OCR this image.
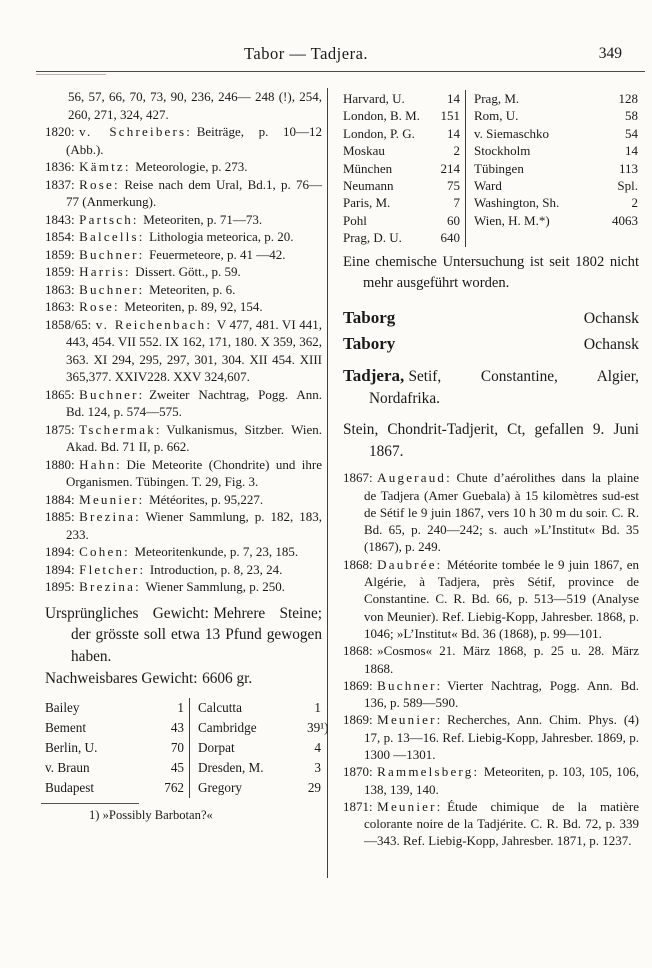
Tabor — Tadjera.	349

56, 57, 66, 70, 73, 90, 236, 246— 248 (!), 254, 260, 271, 324, 427.

1820: v. Schreibers: Beiträge, p. 10—12 (Abb.).

1836: Kämtz: Meteorologie, p. 273.

1837: Rose: Reise nach dem Ural, Bd.1, p. 76—77 (Anmerkung).

1843: Partsch: Meteoriten, p. 71—73.

1854: Balcells: Lithologia meteorica, p. 20.

1859: Buchner: Feuermeteore, p. 41 —42.

1859: Harris: Dissert. Gött., p. 59.

1863: Buchner: Meteoriten, p. 6.

1863: Rose: Meteoriten, p. 89, 92, 154.

1858/65: v. Reichenbach: V 477, 481. VI 441, 443, 454. VII 552. IX 162, 171, 180. X 359, 362, 363. XI 294, 295, 297, 301, 304. XII 454. XIII 365,377. XXIV228. XXV 324,607.

1865: Buchner: Zweiter Nachtrag, Pogg. Ann. Bd. 124, p. 574—575.

1875: Tschermak: Vulkanismus, Sitzber. Wien. Akad. Bd. 71 II, p. 662.

1880: Hahn: Die Meteorite (Chondrite) und ihre Organismen. Tübingen. T. 29, Fig. 3.

1884: Meunier: Météorites, p. 95,227.

1885: Brezina: Wiener Sammlung, p. 182, 183, 233.

1894: Cohen: Meteoritenkunde, p. 7, 23, 185.

1894: Fletcher: Introduction, p. 8, 23, 24.

1895: Brezina: Wiener Sammlung, p. 250.

Ursprüngliches Gewicht: Mehrere Steine; der grösste soll etwa 13 Pfund gewogen haben.

Nachweisbares Gewicht: 6606 gr.

Bailey	1	Calcutta	1
Bement	43	Cambridge	39¹)
Berlin, U.	70	Dorpat	4
v. Braun	45	Dresden, M.	3
Budapest	762	Gregory	29

1) »Possibly Barbotan?«

Harvard, U.	14	Prag, M.	128
London, B. M.	151	Rom, U.	58
London, P. G.	14	v. Siemaschko	54
Moskau	2	Stockholm	14
München	214	Tübingen	113
Neumann	75	Ward	Spl.
Paris, M.	7	Washington, Sh.	2
Pohl	60	Wien, H. M.*)	4063
Prag, D. U.	640

Eine chemische Untersuchung ist seit 1802 nicht mehr ausgeführt worden.

Taborg	Ochansk
Tabory	Ochansk

Tadjera, Setif, Constantine, Algier, Nordafrika.

Stein, Chondrit-Tadjerit, Ct, gefallen 9. Juni 1867.

1867: Augeraud: Chute d’aérolithes dans la plaine de Tadjera (Amer Guebala) à 15 kilomètres sud-est de Sétif le 9 juin 1867, vers 10 h 30 m du soir. C. R. Bd. 65, p. 240—242; s. auch »L’Institut« Bd. 35 (1867), p. 249.

1868: Daubrée: Météorite tombée le 9 juin 1867, en Algérie, à Tadjera, près Sétif, province de Constantine. C. R. Bd. 66, p. 513—519 (Analyse von Meunier). Ref. Liebig-Kopp, Jahresber. 1868, p. 1046; »L’Institut« Bd. 36 (1868), p. 99—101.

1868: »Cosmos« 21. März 1868, p. 25 u. 28. März 1868.

1869: Buchner: Vierter Nachtrag, Pogg. Ann. Bd. 136, p. 589—590.

1869: Meunier: Recherches, Ann. Chim. Phys. (4) 17, p. 13—16. Ref. Liebig-Kopp, Jahresber. 1869, p. 1300 —1301.

1870: Rammelsberg: Meteoriten, p. 103, 105, 106, 138, 139, 140.

1871: Meunier: Étude chimique de la matière colorante noire de la Tadjérite. C. R. Bd. 72, p. 339—343. Ref. Liebig-Kopp, Jahresber. 1871, p. 1237.
